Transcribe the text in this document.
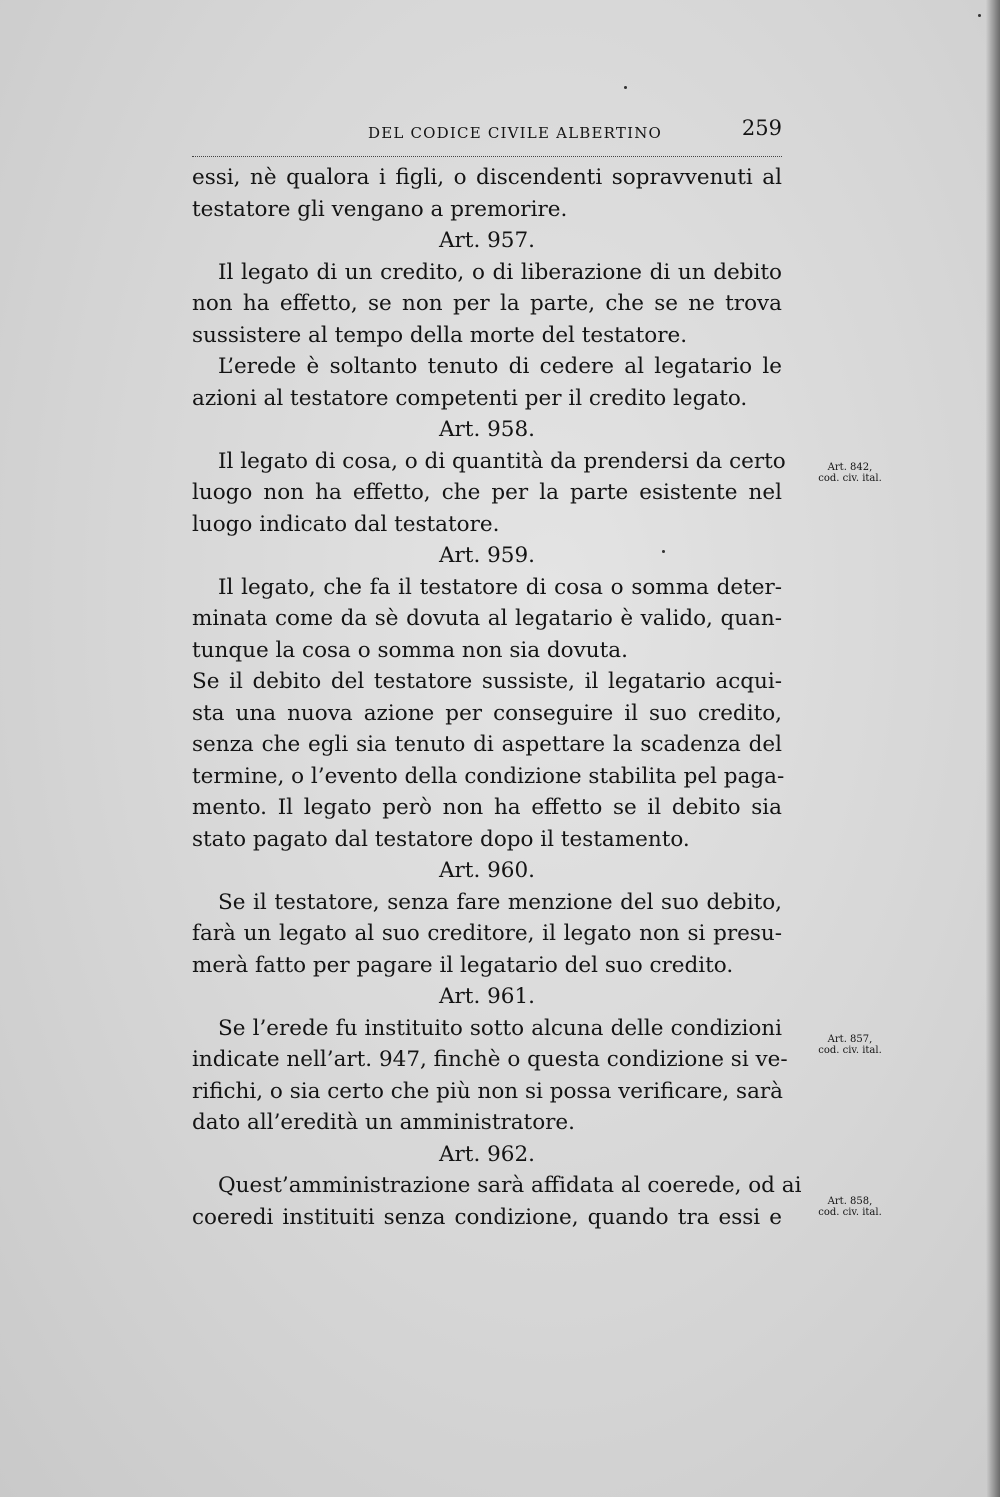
DEL CODICE CIVILE ALBERTINO	259
essi, nè qualora i figli, o discendenti sopravvenuti al
testatore gli vengano a premorire.
Art. 957.
Il legato di un credito, o di liberazione di un debito
non ha effetto, se non per la parte, che se ne trova
sussistere al tempo della morte del testatore.
L’erede è soltanto tenuto di cedere al legatario le
azioni al testatore competenti per il credito legato.
Art. 958.
Il legato di cosa, o di quantità da prendersi da certo
luogo non ha effetto, che per la parte esistente nel
luogo indicato dal testatore.
Art. 959.
Il legato, che fa il testatore di cosa o somma deter-
minata come da sè dovuta al legatario è valido, quan-
tunque la cosa o somma non sia dovuta.
Se il debito del testatore sussiste, il legatario acqui-
sta una nuova azione per conseguire il suo credito,
senza che egli sia tenuto di aspettare la scadenza del
termine, o l’evento della condizione stabilita pel paga-
mento. Il legato però non ha effetto se il debito sia
stato pagato dal testatore dopo il testamento.
Art. 960.
Se il testatore, senza fare menzione del suo debito,
farà un legato al suo creditore, il legato non si presu-
merà fatto per pagare il legatario del suo credito.
Art. 961.
Se l’erede fu instituito sotto alcuna delle condizioni
indicate nell’art. 947, finchè o questa condizione si ve-
rifichi, o sia certo che più non si possa verificare, sarà
dato all’eredità un amministratore.
Art. 962.
Quest’amministrazione sarà affidata al coerede, od ai
coeredi instituiti senza condizione, quando tra essi e
Art. 842,
cod. civ. ital.
Art. 857,
cod. civ. ital.
Art. 858,
cod. civ. ital.
